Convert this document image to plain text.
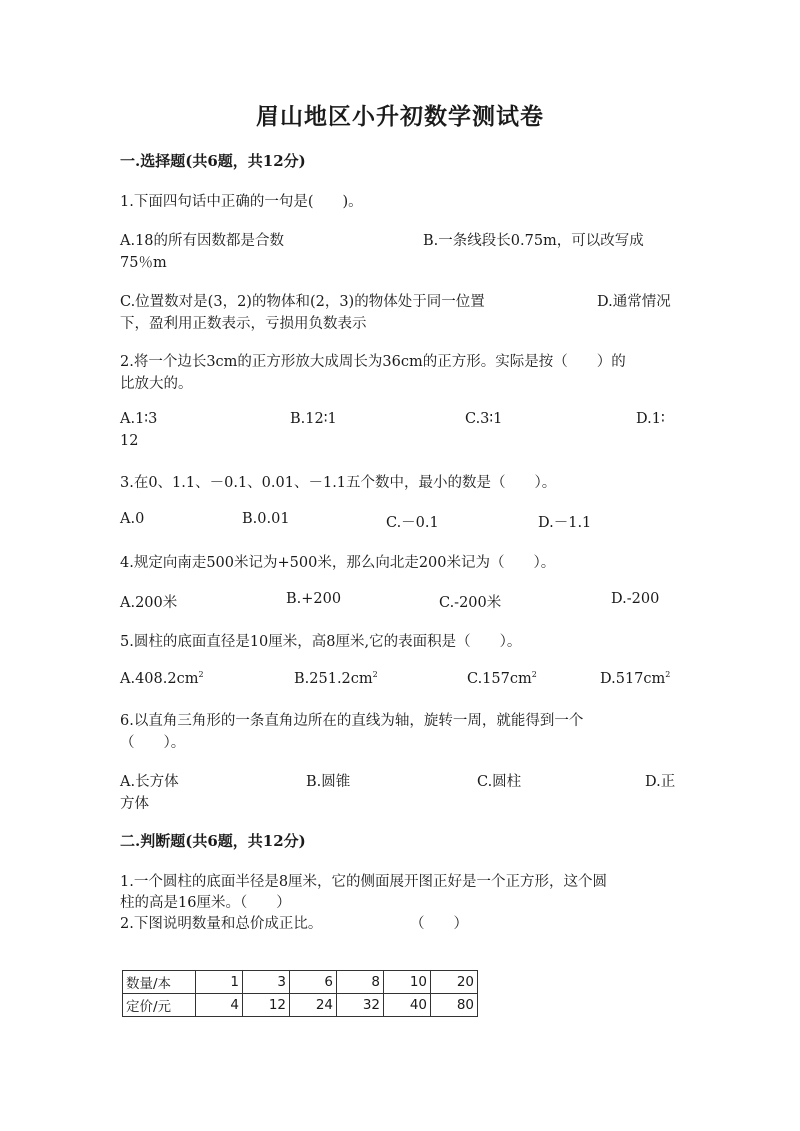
眉山地区小升初数学测试卷
一.选择题(共6题，共12分)
1.下面四句话中正确的一句是(　　)。
A.18的所有因数都是合数	B.一条线段长0.75m，可以改写成
75％m
C.位置数对是(3，2)的物体和(2，3)的物体处于同一位置	D.通常情况
下，盈利用正数表示，亏损用负数表示
2.将一个边长3cm的正方形放大成周长为36cm的正方形。实际是按（　　）的
比放大的。
A.1∶3	B.12∶1	C.3∶1	D.1∶
12
3.在0、1.1、－0.1、0.01、－1.1五个数中，最小的数是（　　）。
A.0	B.0.01	C.－0.1	D.－1.1
4.规定向南走500米记为+500米，那么向北走200米记为（　　）。
A.200米	B.+200	C.-200米	D.-200
5.圆柱的底面直径是10厘米，高8厘米,它的表面积是（　　）。
$A.408.2cm^2$	$B.251.2cm^2$	$C.157cm^2$	$D.517cm^2$
6.以直角三角形的一条直角边所在的直线为轴，旋转一周，就能得到一个
（　　）。
A.长方体	B.圆锥	C.圆柱	D.正
方体
二.判断题(共6题，共12分)
1.一个圆柱的底面半径是8厘米，它的侧面展开图正好是一个正方形，这个圆
柱的高是16厘米。（　　）
2.下图说明数量和总价成正比。	（　　）
数量/本	1	3	6	8	10	20
定价/元	4	12	24	32	40	80
